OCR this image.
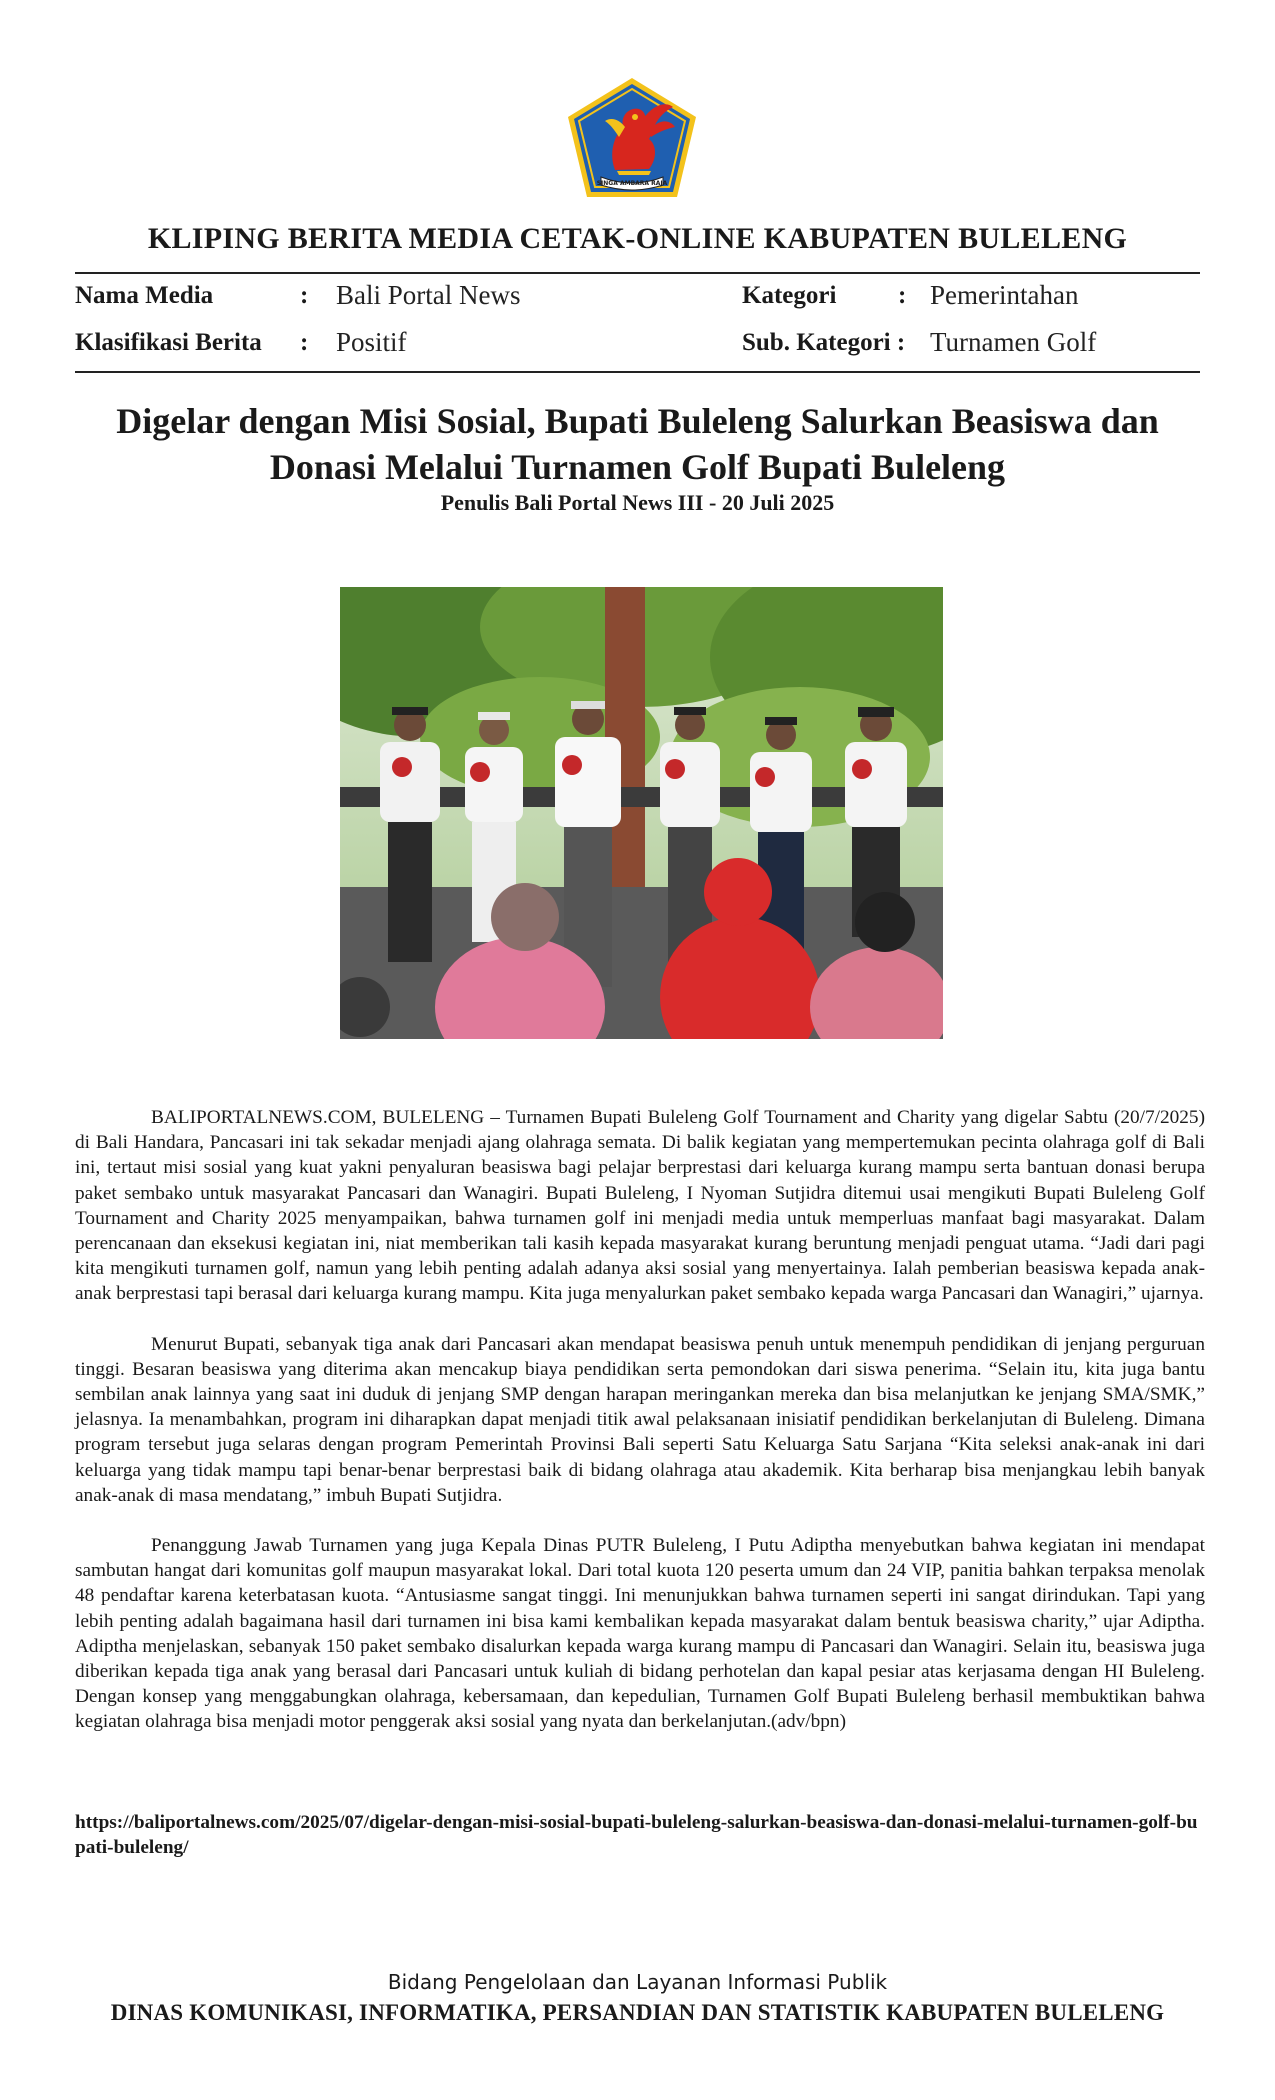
SINGA AMBARA RAJA
KLIPING BERITA MEDIA CETAK-ONLINE KABUPATEN BULELENG
Nama Media	: Bali Portal News	Kategori : Pemerintahan
Klasifikasi Berita : Positif	Sub. Kategori : Turnamen Golf
Digelar dengan Misi Sosial, Bupati Buleleng Salurkan Beasiswa dan Donasi Melalui Turnamen Golf Bupati Buleleng
Penulis Bali Portal News III - 20 Juli 2025

BALIPORTALNEWS.COM, BULELENG – Turnamen Bupati Buleleng Golf Tournament and Charity yang digelar Sabtu (20/7/2025) di Bali Handara, Pancasari ini tak sekadar menjadi ajang olahraga semata. Di balik kegiatan yang mempertemukan pecinta olahraga golf di Bali ini, tertaut misi sosial yang kuat yakni penyaluran beasiswa bagi pelajar berprestasi dari keluarga kurang mampu serta bantuan donasi berupa paket sembako untuk masyarakat Pancasari dan Wanagiri. Bupati Buleleng, I Nyoman Sutjidra ditemui usai mengikuti Bupati Buleleng Golf Tournament and Charity 2025 menyampaikan, bahwa turnamen golf ini menjadi media untuk memperluas manfaat bagi masyarakat. Dalam perencanaan dan eksekusi kegiatan ini, niat memberikan tali kasih kepada masyarakat kurang beruntung menjadi penguat utama. “Jadi dari pagi kita mengikuti turnamen golf, namun yang lebih penting adalah adanya aksi sosial yang menyertainya. Ialah pemberian beasiswa kepada anak-anak berprestasi tapi berasal dari keluarga kurang mampu. Kita juga menyalurkan paket sembako kepada warga Pancasari dan Wanagiri,” ujarnya.

Menurut Bupati, sebanyak tiga anak dari Pancasari akan mendapat beasiswa penuh untuk menempuh pendidikan di jenjang perguruan tinggi. Besaran beasiswa yang diterima akan mencakup biaya pendidikan serta pemondokan dari siswa penerima. “Selain itu, kita juga bantu sembilan anak lainnya yang saat ini duduk di jenjang SMP dengan harapan meringankan mereka dan bisa melanjutkan ke jenjang SMA/SMK,” jelasnya. Ia menambahkan, program ini diharapkan dapat menjadi titik awal pelaksanaan inisiatif pendidikan berkelanjutan di Buleleng. Dimana program tersebut juga selaras dengan program Pemerintah Provinsi Bali seperti Satu Keluarga Satu Sarjana “Kita seleksi anak-anak ini dari keluarga yang tidak mampu tapi benar-benar berprestasi baik di bidang olahraga atau akademik. Kita berharap bisa menjangkau lebih banyak anak-anak di masa mendatang,” imbuh Bupati Sutjidra.

Penanggung Jawab Turnamen yang juga Kepala Dinas PUTR Buleleng, I Putu Adiptha menyebutkan bahwa kegiatan ini mendapat sambutan hangat dari komunitas golf maupun masyarakat lokal. Dari total kuota 120 peserta umum dan 24 VIP, panitia bahkan terpaksa menolak 48 pendaftar karena keterbatasan kuota. “Antusiasme sangat tinggi. Ini menunjukkan bahwa turnamen seperti ini sangat dirindukan. Tapi yang lebih penting adalah bagaimana hasil dari turnamen ini bisa kami kembalikan kepada masyarakat dalam bentuk beasiswa charity,” ujar Adiptha. Adiptha menjelaskan, sebanyak 150 paket sembako disalurkan kepada warga kurang mampu di Pancasari dan Wanagiri. Selain itu, beasiswa juga diberikan kepada tiga anak yang berasal dari Pancasari untuk kuliah di bidang perhotelan dan kapal pesiar atas kerjasama dengan HI Buleleng. Dengan konsep yang menggabungkan olahraga, kebersamaan, dan kepedulian, Turnamen Golf Bupati Buleleng berhasil membuktikan bahwa kegiatan olahraga bisa menjadi motor penggerak aksi sosial yang nyata dan berkelanjutan.(adv/bpn)

https://baliportalnews.com/2025/07/digelar-dengan-misi-sosial-bupati-buleleng-salurkan-beasiswa-dan-donasi-melalui-turnamen-golf-bupati-buleleng/
Bidang Pengelolaan dan Layanan Informasi Publik
DINAS KOMUNIKASI, INFORMATIKA, PERSANDIAN DAN STATISTIK KABUPATEN BULELENG
